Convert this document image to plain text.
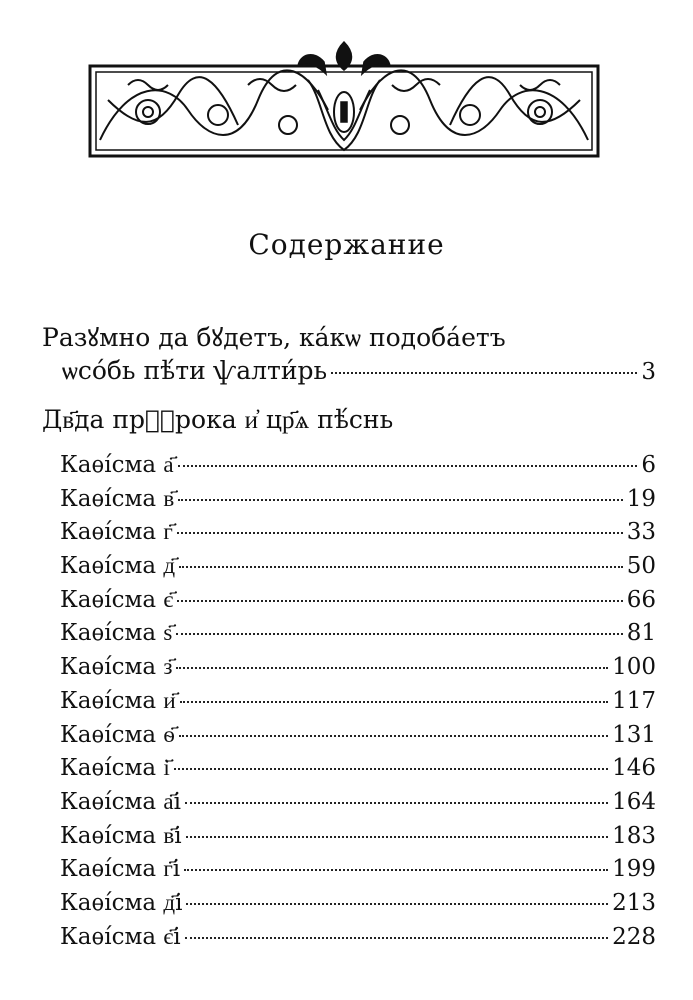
Содержание
Разꙋмно да бꙋдетъ, ка́кѡ подоба́етъ
ѡсо́бь пѣ́ти ѱалти́рь	3
Дв҃да прⷪ҇рока и҆ цр҃ѧ пѣ́снь
Каѳі́сма а҃	6
Каѳі́сма в҃	19
Каѳі́сма г҃	33
Каѳі́сма д҃	50
Каѳі́сма є҃	66
Каѳі́сма ѕ҃	81
Каѳі́сма з҃	100
Каѳі́сма и҃	117
Каѳі́сма ѳ҃	131
Каѳі́сма і҃	146
Каѳі́сма а҃і	164
Каѳі́сма в҃і	183
Каѳі́сма г҃і	199
Каѳі́сма д҃і	213
Каѳі́сма є҃і	228
